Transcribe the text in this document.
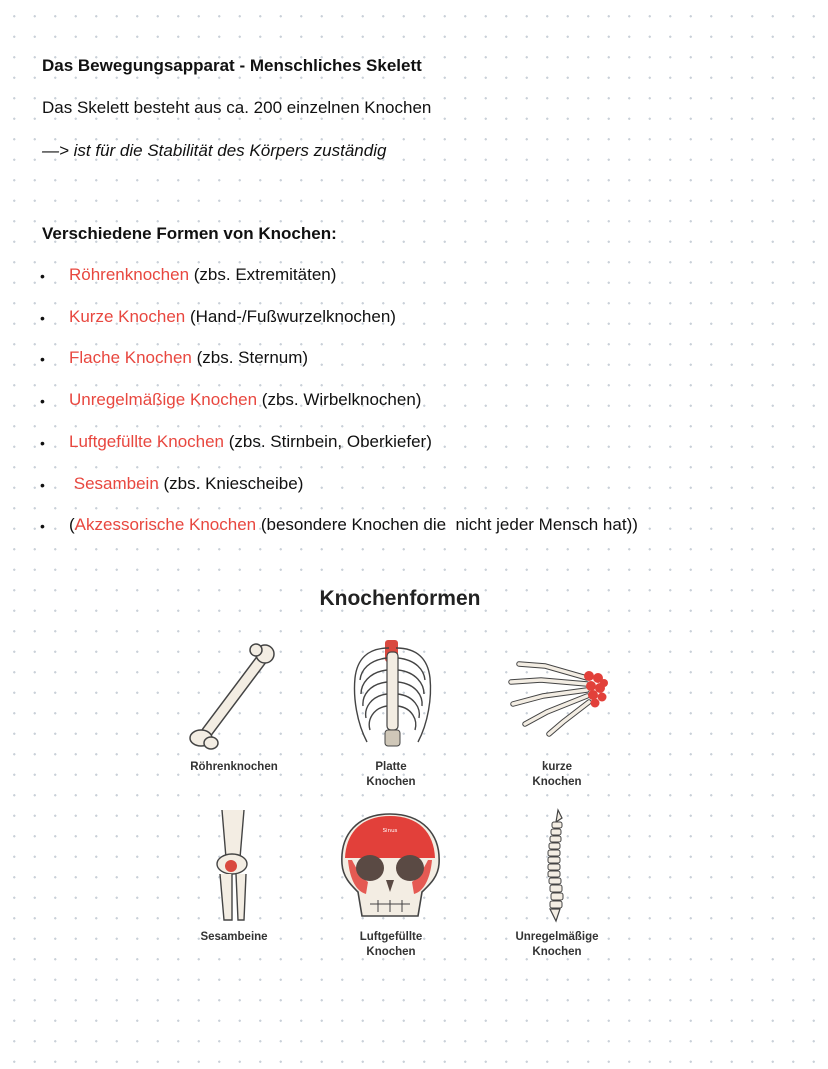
Das Bewegungsapparat - Menschliches Skelett
Das Skelett besteht aus ca. 200 einzelnen Knochen
—> ist für die Stabilität des Körpers zuständig
Verschiedene Formen von Knochen:
• Röhrenknochen (zbs. Extremitäten)
• Kurze Knochen (Hand-/Fußwurzelknochen)
• Flache Knochen (zbs. Sternum)
• Unregelmäßige Knochen (zbs. Wirbelknochen)
• Luftgefüllte Knochen (zbs. Stirnbein, Oberkiefer)
• Sesambein (zbs. Kniescheibe)
• (Akzessorische Knochen (besondere Knochen die  nicht jeder Mensch hat))
Knochenformen
Röhrenknochen	Platte
Knochen
kurze
Knochen
Sesambeine
Sinus
Luftgefüllte
Knochen
Unregelmäßige
Knochen
